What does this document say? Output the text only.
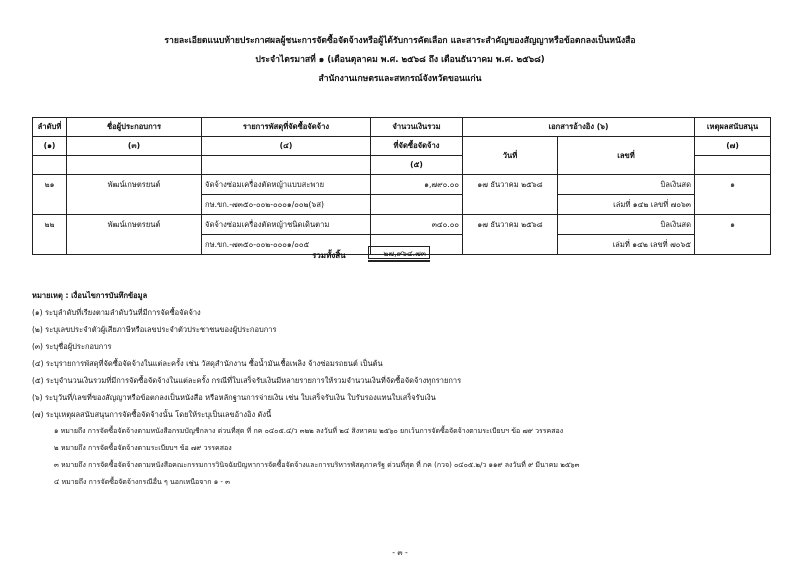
รายละเอียดแนบท้ายประกาศผลผู้ชนะการจัดซื้อจัดจ้างหรือผู้ได้รับการคัดเลือก และสาระสำคัญของสัญญาหรือข้อตกลงเป็นหนังสือ
ประจำไตรมาสที่ ๑ (เดือนตุลาคม พ.ศ. ๒๕๖๘ ถึง เดือนธันวาคม พ.ศ. ๒๕๖๘)
สำนักงานเกษตรและสหกรณ์จังหวัดขอนแก่น
ลำดับที่	ชื่อผู้ประกอบการ	รายการพัสดุที่จัดซื้อจัดจ้าง	จำนวนเงินรวม	เอกสารอ้างอิง (๖)		เหตุผลสนับสนุน
(๑)	(๓)	(๔)	ที่จัดซื้อจัดจ้าง	วันที่	เลขที่	(๗)
			(๕)			
๒๑	พัฒน์เกษตรยนต์	จัดจ้างซ่อมเครื่องตัดหญ้าแบบสะพาย	๑,๗๙๐.๐๐	๑๗ ธันวาคม ๒๕๖๘	บิลเงินสด	๑
		กษ.ขก.-๗๓๕๐-๐๐๒-๐๐๐๑/๐๐๒(๖ส)			เล่มที่ ๑๔๒ เลขที่ ๗๐๖๓	
๒๒	พัฒน์เกษตรยนต์	จัดจ้างซ่อมเครื่องตัดหญ้าชนิดเดินตาม	๓๔๐.๐๐	๑๗ ธันวาคม ๒๕๖๘	บิลเงินสด	๑
		กษ.ขก.-๗๓๕๐-๐๐๒-๐๐๐๑/๐๐๕			เล่มที่ ๑๔๒ เลขที่ ๗๐๖๕	
รวมทั้งสิ้น	๒๗,๙๖๔.๗๓
หมายเหตุ : เงื่อนไขการบันทึกข้อมูล
(๑) ระบุลำดับที่เรียงตามลำดับวันที่มีการจัดซื้อจัดจ้าง
(๒) ระบุเลขประจำตัวผู้เสียภาษีหรือเลขประจำตัวประชาชนของผู้ประกอบการ
(๓) ระบุชื่อผู้ประกอบการ
(๔) ระบุรายการพัสดุที่จัดซื้อจัดจ้างในแต่ละครั้ง เช่น วัสดุสำนักงาน ซื้อน้ำมันเชื้อเพลิง จ้างซ่อมรถยนต์ เป็นต้น
(๕) ระบุจำนวนเงินรวมที่มีการจัดซื้อจัดจ้างในแต่ละครั้ง กรณีที่ใบเสร็จรับเงินมีหลายรายการให้รวมจำนวนเงินที่จัดซื้อจัดจ้างทุกรายการ
(๖) ระบุวันที่/เลขที่ของสัญญาหรือข้อตกลงเป็นหนังสือ หรือหลักฐานการจ่ายเงิน เช่น ใบเสร็จรับเงิน ใบรับรองแทนใบเสร็จรับเงิน
(๗) ระบุเหตุผลสนับสนุนการจัดซื้อจัดจ้างนั้น โดยให้ระบุเป็นเลขอ้างอิง ดังนี้
๑ หมายถึง การจัดซื้อจัดจ้างตามหนังสือกรมบัญชีกลาง ด่วนที่สุด ที่ กค ๐๔๐๕.๔/ว ๓๒๒ ลงวันที่ ๒๔ สิงหาคม ๒๕๖๐ ยกเว้นการจัดซื้อจัดจ้างตามระเบียบฯ ข้อ ๗๙ วรรคสอง
๒ หมายถึง การจัดซื้อจัดจ้างตามระเบียบฯ ข้อ ๗๙ วรรคสอง
๓ หมายถึง การจัดซื้อจัดจ้างตามหนังสือคณะกรรมการวินิจฉัยปัญหาการจัดซื้อจัดจ้างและการบริหารพัสดุภาครัฐ ด่วนที่สุด ที่ กค (กวจ) ๐๔๐๕.๒/ว ๑๑๙ ลงวันที่ ๙ มีนาคม ๒๕๖๓
๔ หมายถึง การจัดซื้อจัดจ้างกรณีอื่น ๆ นอกเหนือจาก ๑ - ๓
- ๓ -
